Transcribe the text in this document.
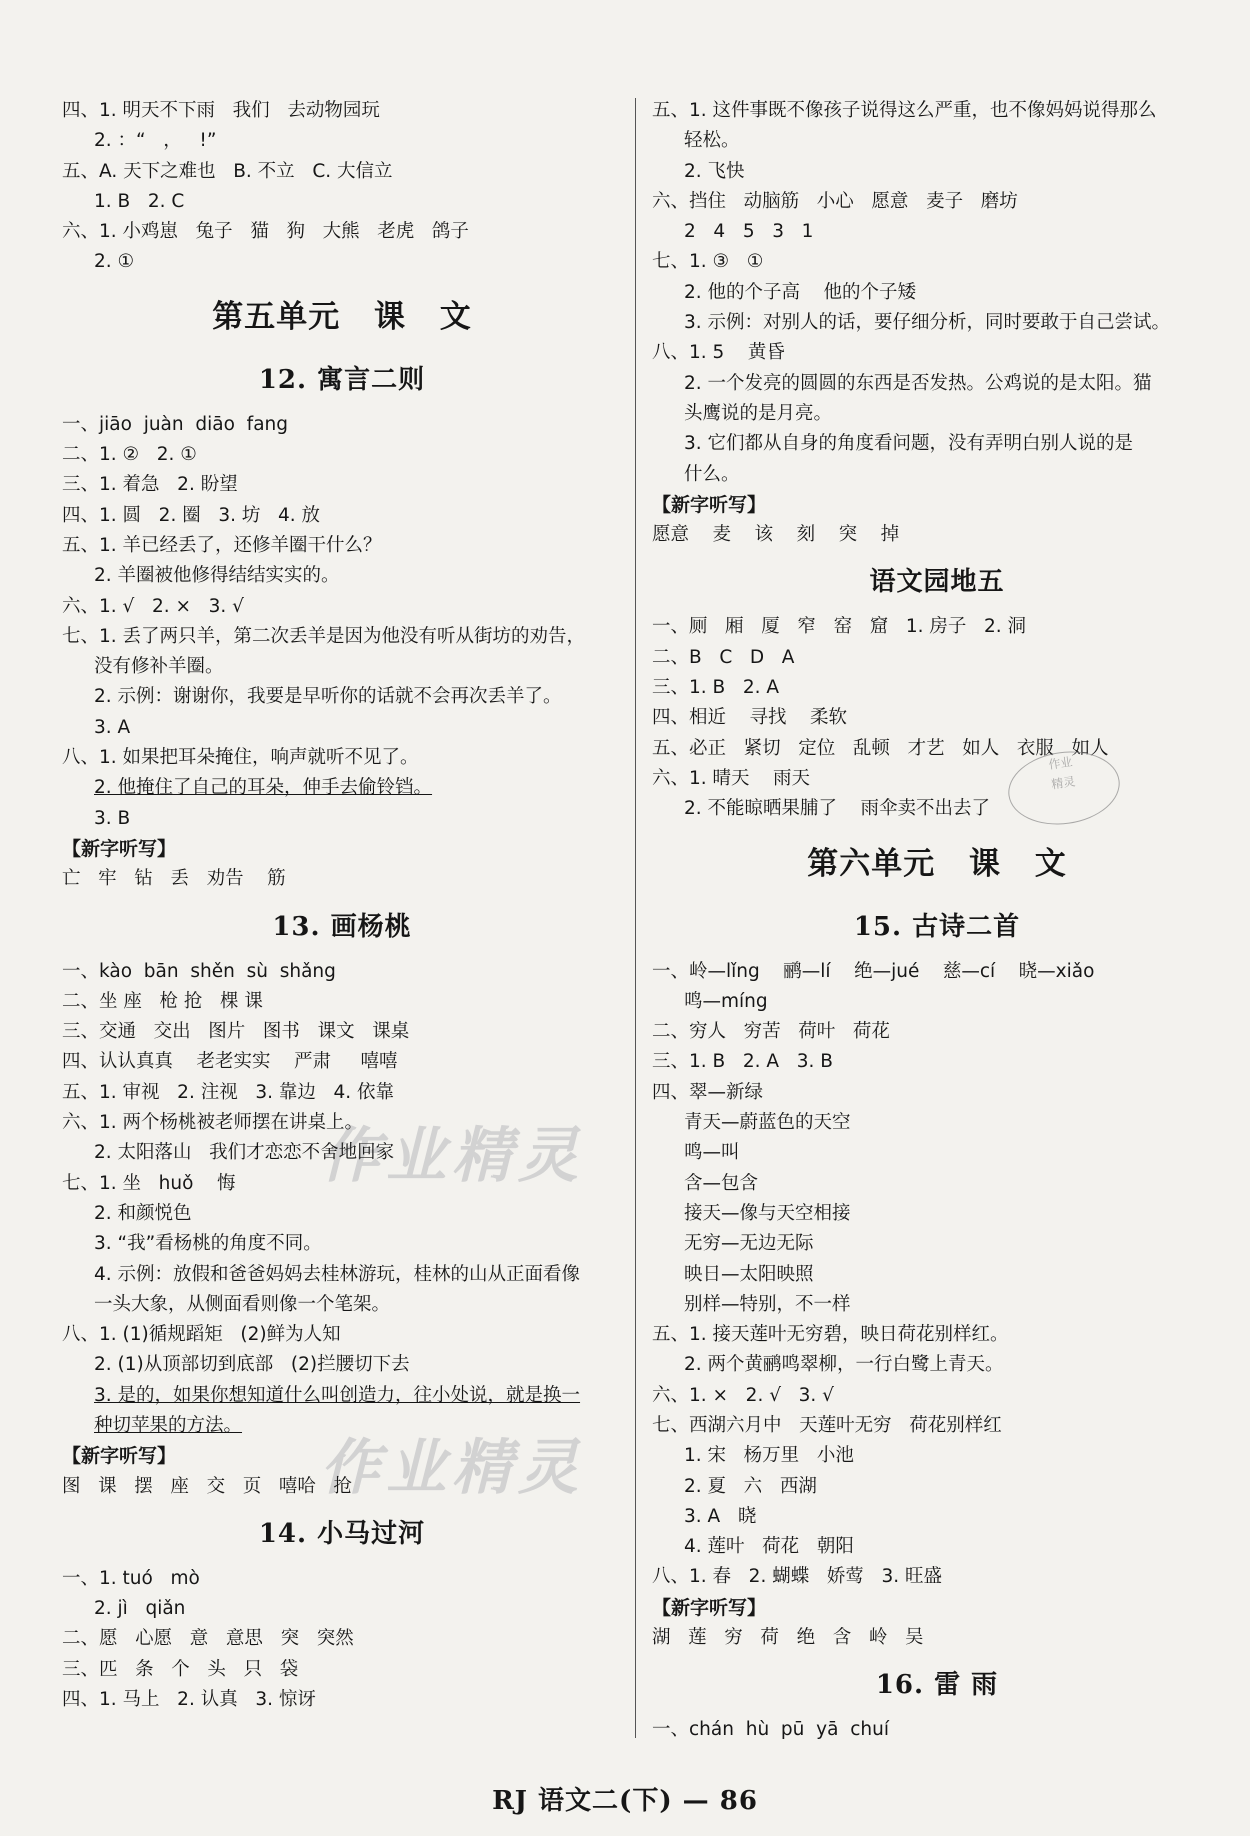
作业精灵
作业精灵
四、1. 明天不下雨   我们   去动物园玩
2. ：“   ，   !”
五、A. 天下之难也   B. 不立   C. 大信立
1. B   2. C
六、1. 小鸡崽   兔子   猫   狗   大熊   老虎   鸽子
2. ①
第五单元 课 文
12. 寓言二则
一、jiāo  juàn  diāo  fang
二、1. ②   2. ①
三、1. 着急   2. 盼望
四、1. 圆   2. 圈   3. 坊   4. 放
五、1. 羊已经丢了，还修羊圈干什么？
2. 羊圈被他修得结结实实的。
六、1. √   2. ×   3. √
七、1. 丢了两只羊，第二次丢羊是因为他没有听从街坊的劝告，
没有修补羊圈。
2. 示例：谢谢你，我要是早听你的话就不会再次丢羊了。
3. A
八、1. 如果把耳朵掩住，响声就听不见了。
2. 他掩住了自己的耳朵，伸手去偷铃铛。
3. B
【新字听写】
亡   牢   钻   丢   劝告    筋
13. 画杨桃
一、kào  bān  shěn  sù  shǎng
二、坐 座   枪 抢   棵 课
三、交通   交出   图片   图书   课文   课桌
四、认认真真    老老实实    严肃     嘻嘻
五、1. 审视   2. 注视   3. 靠边   4. 依靠
六、1. 两个杨桃被老师摆在讲桌上。
2. 太阳落山   我们才恋恋不舍地回家
七、1. 坐   huǒ    悔
2. 和颜悦色
3. “我”看杨桃的角度不同。
4. 示例：放假和爸爸妈妈去桂林游玩，桂林的山从正面看像
一头大象，从侧面看则像一个笔架。
八、1. (1)循规蹈矩   (2)鲜为人知
2. (1)从顶部切到底部   (2)拦腰切下去
3. 是的，如果你想知道什么叫创造力，往小处说，就是换一
种切苹果的方法。
【新字听写】
图   课   摆   座   交   页   嘻哈   抢
14. 小马过河
一、1. tuó   mò
2. jì   qiǎn
二、愿   心愿   意   意思   突   突然
三、匹   条   个   头   只   袋
四、1. 马上   2. 认真   3. 惊讶
五、1. 这件事既不像孩子说得这么严重，也不像妈妈说得那么
轻松。
2. 飞快
六、挡住   动脑筋   小心   愿意   麦子   磨坊
2   4   5   3   1
七、1. ③   ①
2. 他的个子高    他的个子矮
3. 示例：对别人的话，要仔细分析，同时要敢于自己尝试。
八、1. 5    黄昏
2. 一个发亮的圆圆的东西是否发热。公鸡说的是太阳。猫
头鹰说的是月亮。
3. 它们都从自身的角度看问题，没有弄明白别人说的是
什么。
【新字听写】
愿意    麦    该    刻    突    掉
语文园地五
一、厕   厢   厦   窄   窑   窟   1. 房子   2. 洞
二、B   C   D   A
三、1. B   2. A
四、相近    寻找    柔软
五、必正   紧切   定位   乱顿   才艺   如人   衣服   如人
六、1. 晴天    雨天
2. 不能晾晒果脯了    雨伞卖不出去了
第六单元 课 文
15. 古诗二首
一、岭—lǐng    鹂—lí    绝—jué    慈—cí    晓—xiǎo
鸣—míng
二、穷人   穷苦   荷叶   荷花
三、1. B   2. A   3. B
四、翠—新绿
青天—蔚蓝色的天空
鸣—叫
含—包含
接天—像与天空相接
无穷—无边无际
映日—太阳映照
别样—特别，不一样
五、1. 接天莲叶无穷碧，映日荷花别样红。
2. 两个黄鹂鸣翠柳，一行白鹭上青天。
六、1. ×   2. √   3. √
七、西湖六月中   天莲叶无穷   荷花别样红
1. 宋   杨万里   小池
2. 夏   六   西湖
3. A   晓
4. 莲叶   荷花   朝阳
八、1. 春   2. 蝴蝶   娇莺   3. 旺盛
【新字听写】
湖   莲   穷   荷   绝   含   岭   吴
16. 雷 雨
一、chán  hù  pū  yā  chuí
作业
精灵
RJ 语文二(下) — 86
